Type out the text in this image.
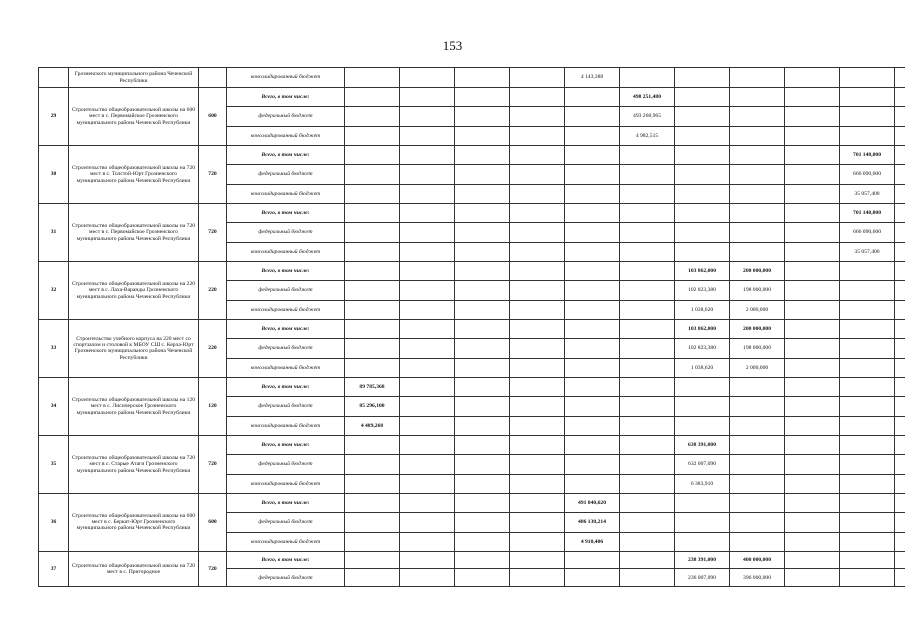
153
	Грозненского муниципального района Чеченской Республики		консолидированный бюджет					4 143,388								
29	Строительство общеобразовательной школы на 600 мест в с. Первомайское Грозненского муниципального района Чеченской Республики	600	Всего, в том числе:						498 251,480							
			федеральный бюджет						493 268,965							
			консолидированный бюджет						4 982,515							
30	Строительство общеобразовательной школы на 720 мест в с. Толстой-Юрт Грозненского муниципального района Чеченской Республики	720	Всего, в том числе:										701 148,000			
			федеральный бюджет										666 090,600			
			консолидированный бюджет										35 057,400			
31	Строительство общеобразовательной школы на 720 мест в с. Первомайское Грозненского муниципального района Чеченской Республики	720	Всего, в том числе:										701 148,000			
			федеральный бюджет										666 090,600			
			консолидированный бюджет										35 057,400			
32	Строительство общеобразовательной школы на 220 мест в с. Лаха-Варанды Грозненского муниципального района Чеченской Республики	220	Всего, в том числе:							103 862,000	200 000,000					
			федеральный бюджет							102 823,380	198 000,000					
			консолидированный бюджет							1 038,620	2 000,000					
33	Строительство учебного корпуса на 220 мест со спортзалом и столовой к МБОУ СШ с. Керла-Юрт Грозненского муниципального района Чеченской Республики	220	Всего, в том числе:							103 862,000	200 000,000					
			федеральный бюджет							102 823,380	198 000,000					
			консолидированный бюджет							1 038,620	2 000,000					
34	Строительство общеобразовательной школы на 120 мест в с. Лисичерское Грозненского муниципального района Чеченской Республики	120	Всего, в том числе:	89 785,368												
			федеральный бюджет	85 296,100												
			консолидированный бюджет	4 489,268												
35	Строительство общеобразовательной школы на 720 мест в с. Старые Атаги Грозненского муниципального района Чеченской Республики	720	Всего, в том числе:							638 391,000						
			федеральный бюджет							632 007,090						
			консолидированный бюджет							6 383,910						
36	Строительство общеобразовательной школы на 600 мест в с. Беркат-Юрт Грозненского муниципального района Чеченской Республики	600	Всего, в том числе:					491 040,620								
			федеральный бюджет					486 130,214								
			консолидированный бюджет					4 910,406								
37	Строительство общеобразовательной школы на 720 мест в с. Пригородное	720	Всего, в том числе:							238 391,000	400 000,000					
			федеральный бюджет							236 007,090	396 000,000					
